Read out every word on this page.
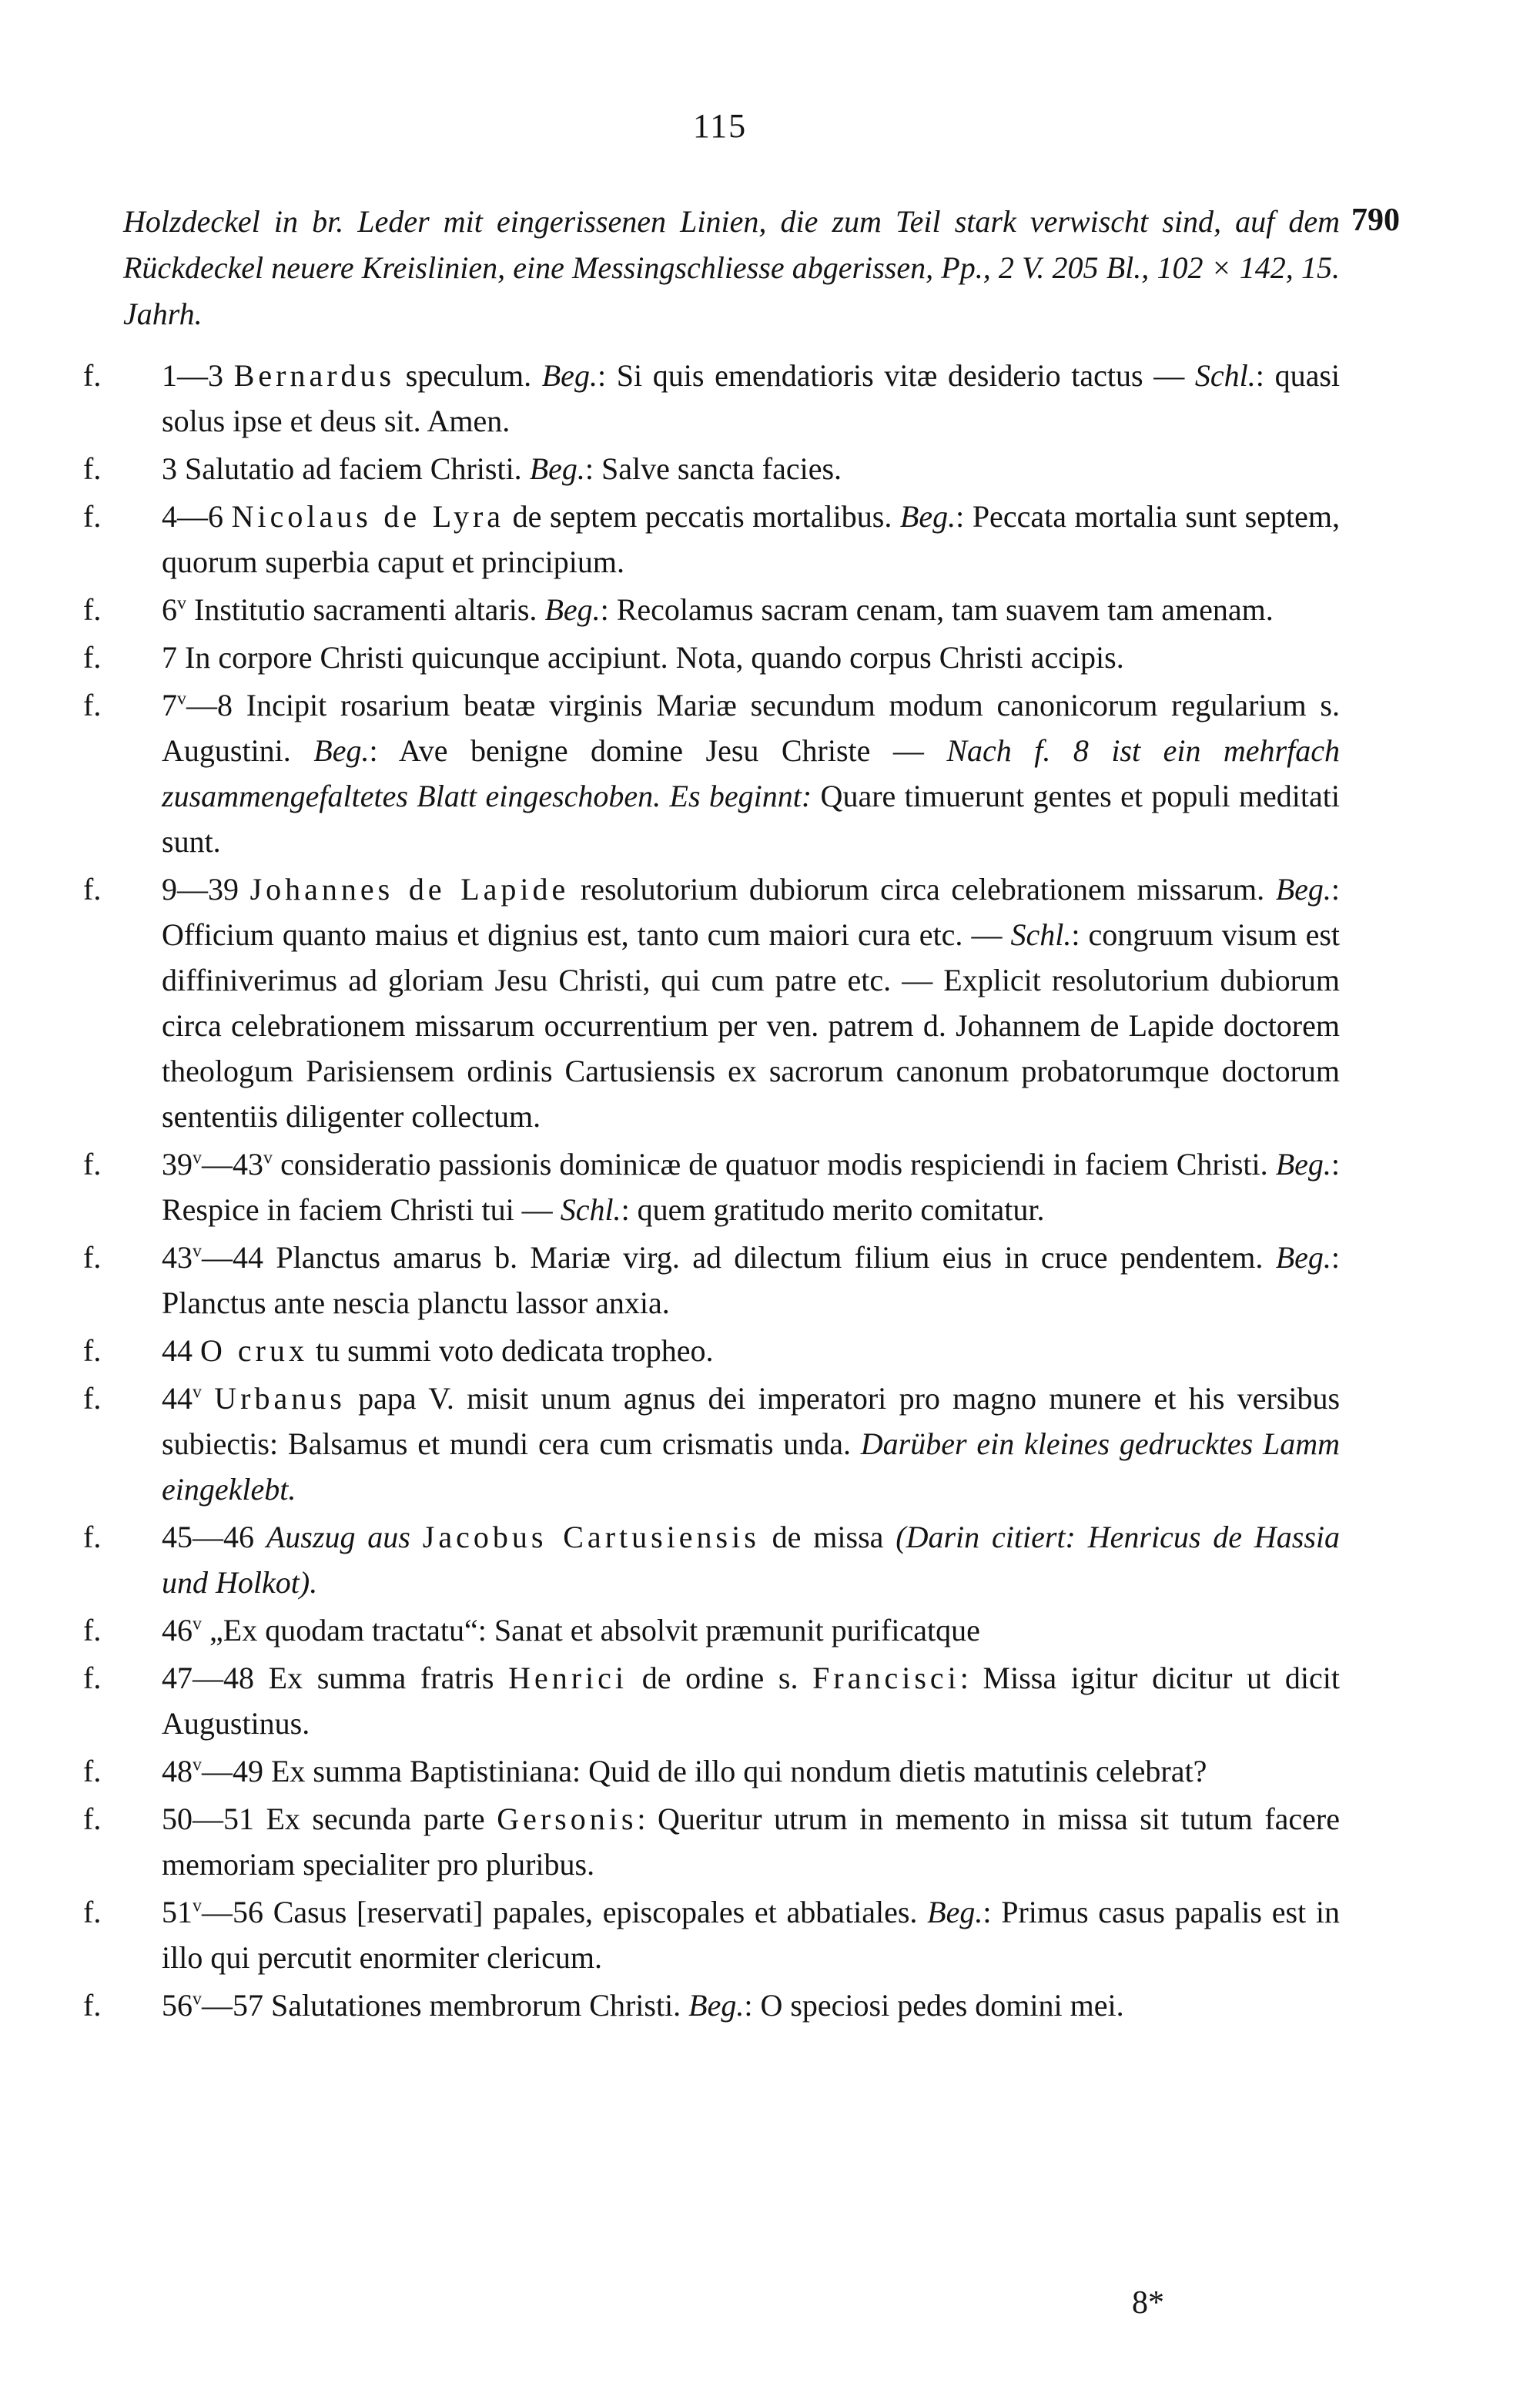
115
790
Holzdeckel in br. Leder mit eingerissenen Linien, die zum Teil stark verwischt sind, auf dem Rückdeckel neuere Kreislinien, eine Messingschliesse abgerissen, Pp., 2 V. 205 Bl., 102 × 142, 15. Jahrh.
f. 1—3 Bernardus speculum. Beg.: Si quis emendatioris vitæ desiderio tactus — Schl.: quasi solus ipse et deus sit. Amen.
f. 3 Salutatio ad faciem Christi. Beg.: Salve sancta facies.
f. 4—6 Nicolaus de Lyra de septem peccatis mortalibus. Beg.: Peccata mortalia sunt septem, quorum superbia caput et principium.
f. 6$^v$ Institutio sacramenti altaris. Beg.: Recolamus sacram cenam, tam suavem tam amenam.
f. 7 In corpore Christi quicunque accipiunt. Nota, quando corpus Christi accipis.
f. 7$^v$—8 Incipit rosarium beatæ virginis Mariæ secundum modum canonicorum regularium s. Augustini. Beg.: Ave benigne domine Jesu Christe — Nach f. 8 ist ein mehrfach zusammengefaltetes Blatt eingeschoben. Es beginnt: Quare timuerunt gentes et populi meditati sunt.
f. 9—39 Johannes de Lapide resolutorium dubiorum circa celebrationem missarum. Beg.: Officium quanto maius et dignius est, tanto cum maiori cura etc. — Schl.: congruum visum est diffiniverimus ad gloriam Jesu Christi, qui cum patre etc. — Explicit resolutorium dubiorum circa celebrationem missarum occurrentium per ven. patrem d. Johannem de Lapide doctorem theologum Parisiensem ordinis Cartusiensis ex sacrorum canonum probatorumque doctorum sententiis diligenter collectum.
f. 39$^v$—43$^v$ consideratio passionis dominicæ de quatuor modis respiciendi in faciem Christi. Beg.: Respice in faciem Christi tui — Schl.: quem gratitudo merito comitatur.
f. 43$^v$—44 Planctus amarus b. Mariæ virg. ad dilectum filium eius in cruce pendentem. Beg.: Planctus ante nescia planctu lassor anxia.
f. 44 O crux tu summi voto dedicata tropheo.
f. 44$^v$ Urbanus papa V. misit unum agnus dei imperatori pro magno munere et his versibus subiectis: Balsamus et mundi cera cum crismatis unda. Darüber ein kleines gedrucktes Lamm eingeklebt.
f. 45—46 Auszug aus Jacobus Cartusiensis de missa (Darin citiert: Henricus de Hassia und Holkot).
f. 46$^v$ „Ex quodam tractatu“: Sanat et absolvit præmunit purificatque
f. 47—48 Ex summa fratris Henrici de ordine s. Francisci: Missa igitur dicitur ut dicit Augustinus.
f. 48$^v$—49 Ex summa Baptistiniana: Quid de illo qui nondum dietis matutinis celebrat?
f. 50—51 Ex secunda parte Gersonis: Queritur utrum in memento in missa sit tutum facere memoriam specialiter pro pluribus.
f. 51$^v$—56 Casus [reservati] papales, episcopales et abbatiales. Beg.: Primus casus papalis est in illo qui percutit enormiter clericum.
f. 56$^v$—57 Salutationes membrorum Christi. Beg.: O speciosi pedes domini mei.
8*
